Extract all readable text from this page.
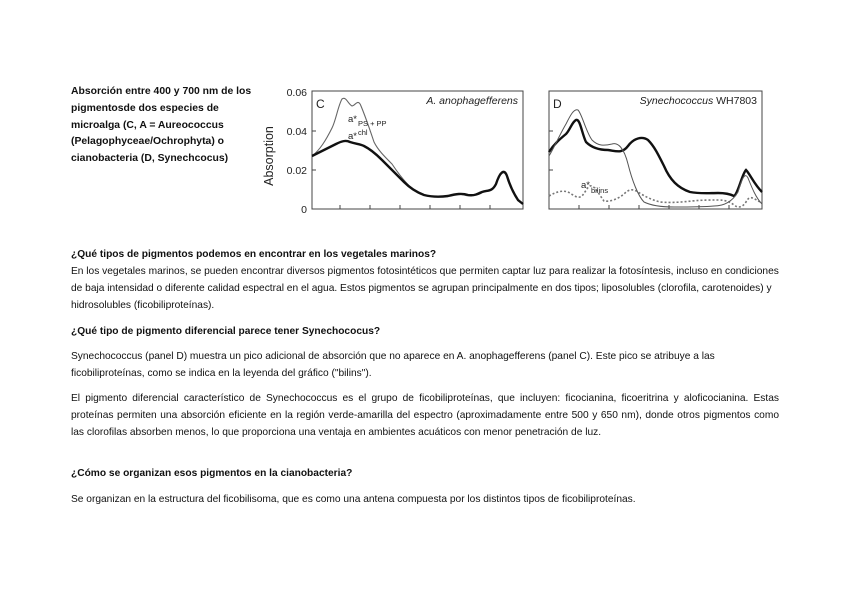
Absorción entre 400 y 700 nm de los pigmentosde dos especies de microalga (C, A = Aureococcus (Pelagophyceae/Ochrophyta) o cianobacteria (D, Synechcocus)	Absorption
0.06
0.04
0.02
0
C	A. anophagefferens
$a*_{PS + PP}$
a*$^{chl}$
D	Synechococcus WH7803
$a*_{bilins}$

¿Qué tipos de pigmentos podemos en encontrar en los vegetales marinos?

En los vegetales marinos, se pueden encontrar diversos pigmentos fotosintéticos que permiten captar luz para realizar la fotosíntesis, incluso en condiciones de baja intensidad o diferente calidad espectral en el agua. Estos pigmentos se agrupan principalmente en dos tipos; liposolubles (clorofila, carotenoides) y hidrosolubles (ficobiliproteínas).

¿Qué tipo de pigmento diferencial parece tener Synechococus?

Synechococcus (panel D) muestra un pico adicional de absorción que no aparece en A. anophagefferens (panel C). Este pico se atribuye a las ficobiliproteínas, como se indica en la leyenda del gráfico ("bilins").

El pigmento diferencial característico de Synechococcus es el grupo de ficobiliproteínas, que incluyen: ficocianina, ficoeritrina y aloficocianina. Estas proteínas permiten una absorción eficiente en la región verde-amarilla del espectro (aproximadamente entre 500 y 650 nm), donde otros pigmentos como las clorofilas absorben menos, lo que proporciona una ventaja en ambientes acuáticos con menor penetración de luz.

¿Cómo se organizan esos pigmentos en la cianobacteria?

Se organizan en la estructura del ficobilisoma, que es como una antena compuesta por los distintos tipos de ficobiliproteínas.
